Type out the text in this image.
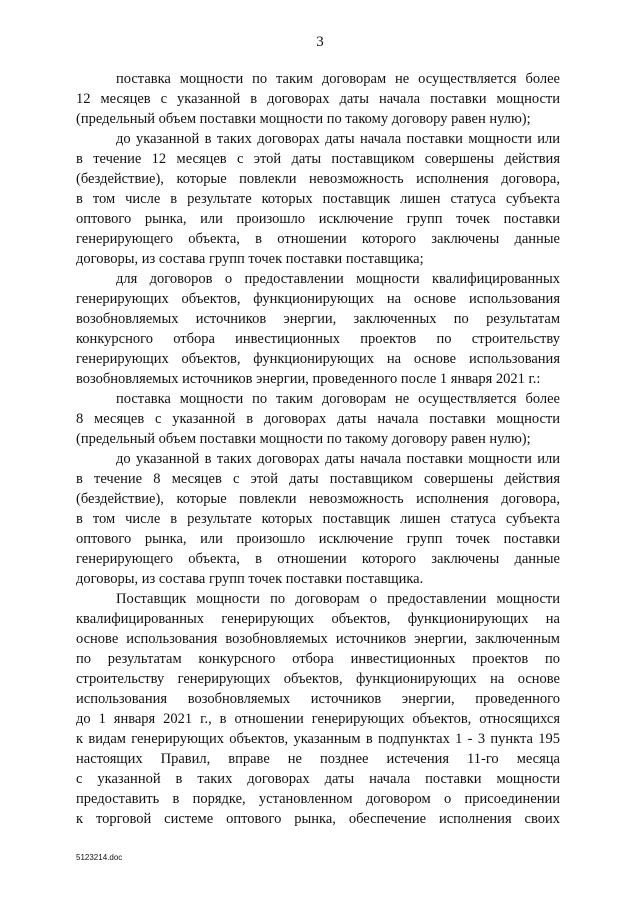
3
поставка мощности по таким договорам не осуществляется более
12 месяцев с указанной в договорах даты начала поставки мощности
(предельный объем поставки мощности по такому договору равен нулю);
до указанной в таких договорах даты начала поставки мощности или
в течение 12 месяцев с этой даты поставщиком совершены действия
(бездействие), которые повлекли невозможность исполнения договора,
в том числе в результате которых поставщик лишен статуса субъекта
оптового рынка, или произошло исключение групп точек поставки
генерирующего объекта, в отношении которого заключены данные
договоры, из состава групп точек поставки поставщика;
для договоров о предоставлении мощности квалифицированных
генерирующих объектов, функционирующих на основе использования
возобновляемых источников энергии, заключенных по результатам
конкурсного отбора инвестиционных проектов по строительству
генерирующих объектов, функционирующих на основе использования
возобновляемых источников энергии, проведенного после 1 января 2021 г.:
поставка мощности по таким договорам не осуществляется более
8 месяцев с указанной в договорах даты начала поставки мощности
(предельный объем поставки мощности по такому договору равен нулю);
до указанной в таких договорах даты начала поставки мощности или
в течение 8 месяцев с этой даты поставщиком совершены действия
(бездействие), которые повлекли невозможность исполнения договора,
в том числе в результате которых поставщик лишен статуса субъекта
оптового рынка, или произошло исключение групп точек поставки
генерирующего объекта, в отношении которого заключены данные
договоры, из состава групп точек поставки поставщика.
Поставщик мощности по договорам о предоставлении мощности
квалифицированных генерирующих объектов, функционирующих на
основе использования возобновляемых источников энергии, заключенным
по результатам конкурсного отбора инвестиционных проектов по
строительству генерирующих объектов, функционирующих на основе
использования возобновляемых источников энергии, проведенного
до 1 января 2021 г., в отношении генерирующих объектов, относящихся
к видам генерирующих объектов, указанным в подпунктах 1 - 3 пункта 195
настоящих Правил, вправе не позднее истечения 11-го месяца
с указанной в таких договорах даты начала поставки мощности
предоставить в порядке, установленном договором о присоединении
к торговой системе оптового рынка, обеспечение исполнения своих
5123214.doc
